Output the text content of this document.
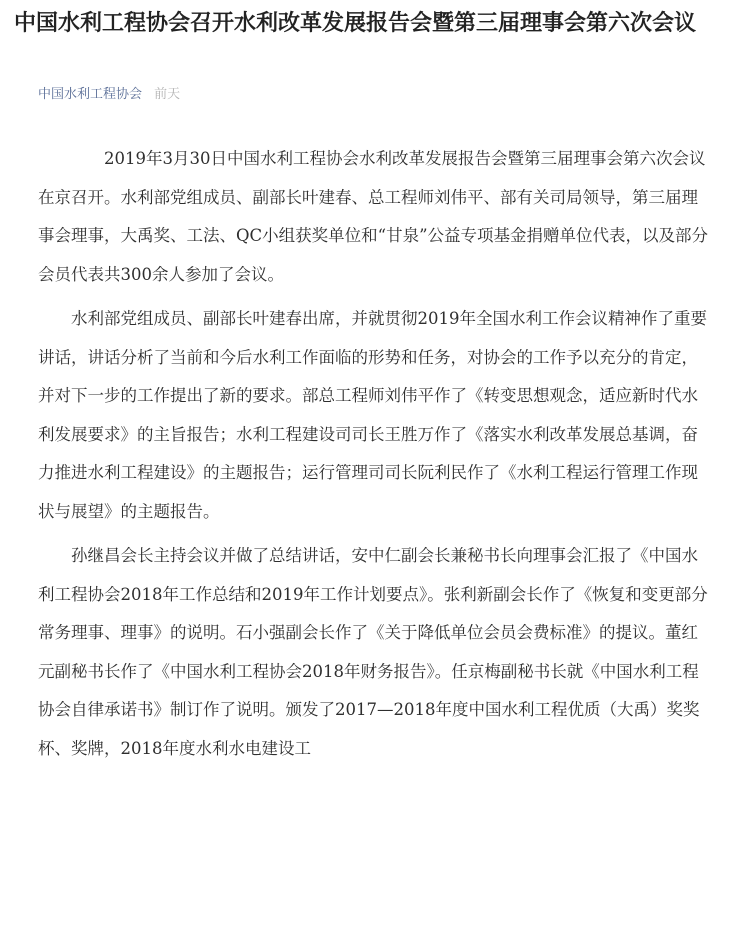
中国水利工程协会召开水利改革发展报告会暨第三届理事会第六次会议
中国水利工程协会 前天

2019年3月30日中国水利工程协会水利改革发展报告会暨第三届理事会第六次会议在京召开。水利部党组成员、副部长叶建春、总工程师刘伟平、部有关司局领导，第三届理事会理事，大禹奖、工法、QC小组获奖单位和“甘泉”公益专项基金捐赠单位代表，以及部分会员代表共300余人参加了会议。

水利部党组成员、副部长叶建春出席，并就贯彻2019年全国水利工作会议精神作了重要讲话，讲话分析了当前和今后水利工作面临的形势和任务，对协会的工作予以充分的肯定，并对下一步的工作提出了新的要求。部总工程师刘伟平作了《转变思想观念，适应新时代水利发展要求》的主旨报告；水利工程建设司司长王胜万作了《落实水利改革发展总基调，奋力推进水利工程建设》的主题报告；运行管理司司长阮利民作了《水利工程运行管理工作现状与展望》的主题报告。

孙继昌会长主持会议并做了总结讲话，安中仁副会长兼秘书长向理事会汇报了《中国水利工程协会2018年工作总结和2019年工作计划要点》。张利新副会长作了《恢复和变更部分常务理事、理事》的说明。石小强副会长作了《关于降低单位会员会费标准》的提议。董红元副秘书长作了《中国水利工程协会2018年财务报告》。任京梅副秘书长就《中国水利工程协会自律承诺书》制订作了说明。颁发了2017—2018年度中国水利工程优质（大禹）奖奖杯、奖牌，2018年度水利水电建设工
